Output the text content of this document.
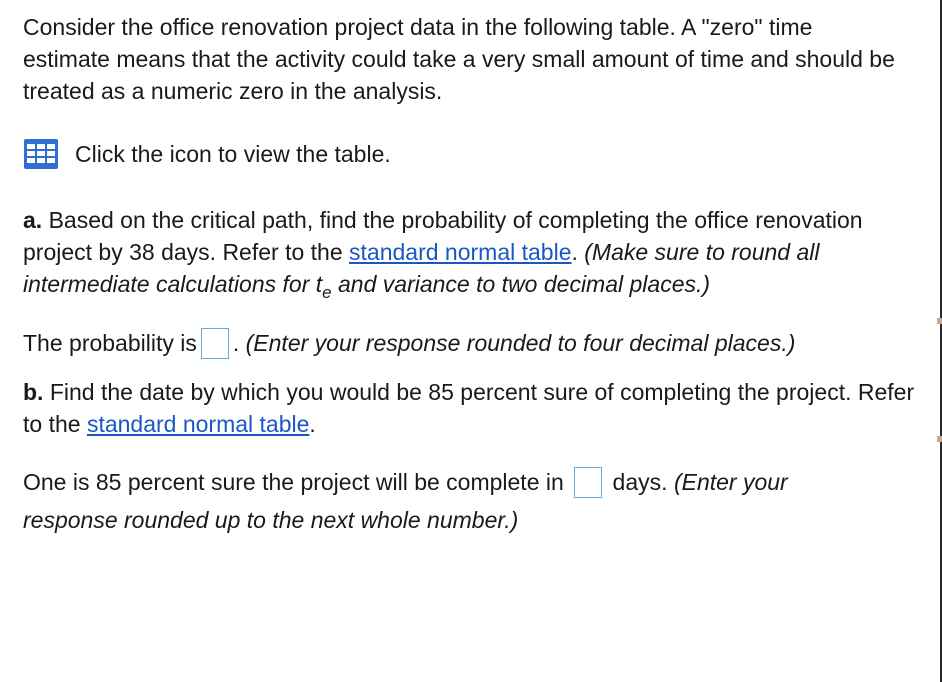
Consider the office renovation project data in the following table. A "zero" time estimate means that the activity could take a very small amount of time and should be treated as a numeric zero in the analysis.

Click the icon to view the table.

a. Based on the critical path, find the probability of completing the office renovation project by 38 days. Refer to the standard normal table. (Make sure to round all intermediate calculations for $t_e$ and variance to two decimal places.)

The probability is . (Enter your response rounded to four decimal places.)

b. Find the date by which you would be 85 percent sure of completing the project. Refer to the standard normal table.

One is 85 percent sure the project will be complete in days. (Enter your
response rounded up to the next whole number.)
